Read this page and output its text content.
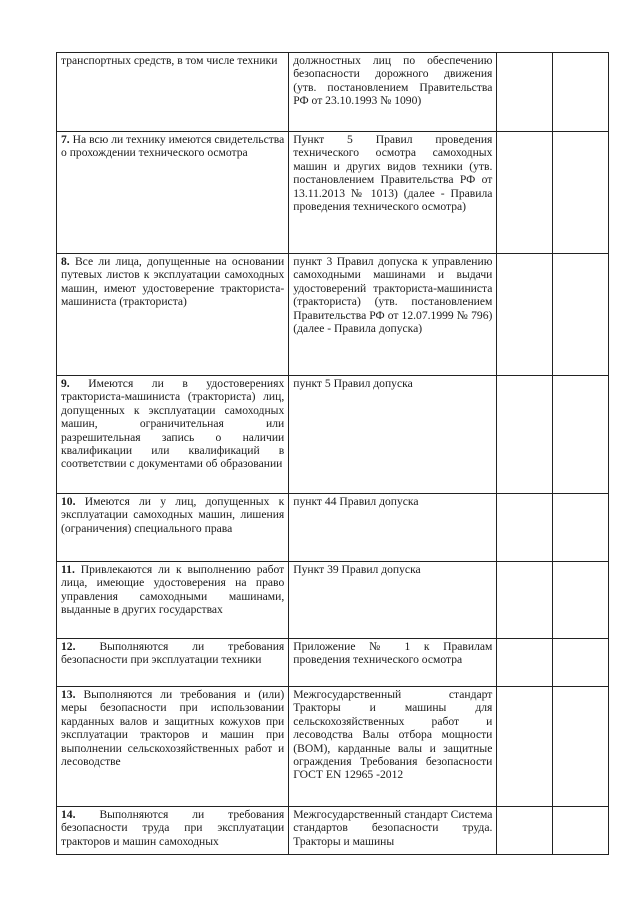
транспортных средств, в том числе техники	должностных лиц по обеспечению безопасности дорожного движения (утв. постановлением Правительства РФ от 23.10.1993 № 1090)		
7. На всю ли технику имеются свидетельства о прохождении технического осмотра	Пункт 5 Правил проведения технического осмотра самоходных машин и других видов техники (утв. постановлением Правительства РФ от 13.11.2013 № 1013) (далее - Правила проведения технического осмотра)		
8. Все ли лица, допущенные на основании путевых листов к эксплуатации самоходных машин, имеют удостоверение тракториста-машиниста (тракториста)	пункт 3 Правил допуска к управлению самоходными машинами и выдачи удостоверений тракториста-машиниста (тракториста) (утв. постановлением Правительства РФ от 12.07.1999 № 796) (далее - Правила допуска)		
9. Имеются ли в удостоверениях тракториста-машиниста (тракториста) лиц, допущенных к эксплуатации самоходных машин, ограничительная или разрешительная запись о наличии квалификации или квалификаций в соответствии с документами об образовании	пункт 5 Правил допуска		
10. Имеются ли у лиц, допущенных к эксплуатации самоходных машин, лишения (ограничения) специального права	пункт 44 Правил допуска		
11. Привлекаются ли к выполнению работ лица, имеющие удостоверения на право управления самоходными машинами, выданные в других государствах	Пункт 39 Правил допуска		
12. Выполняются ли требования безопасности при эксплуатации техники	Приложение № 1 к Правилам проведения технического осмотра		
13. Выполняются ли требования и (или) меры безопасности при использовании карданных валов и защитных кожухов при эксплуатации тракторов и машин при выполнении сельскохозяйственных работ и лесоводстве	Межгосударственный стандарт Тракторы и машины для сельскохозяйственных работ и лесоводства Валы отбора мощности (ВОМ), карданные валы и защитные ограждения Требования безопасности ГОСТ EN 12965 -2012		
14. Выполняются ли требования безопасности труда при эксплуатации тракторов и машин самоходных	Межгосударственный стандарт Система стандартов безопасности труда. Тракторы и машины		
